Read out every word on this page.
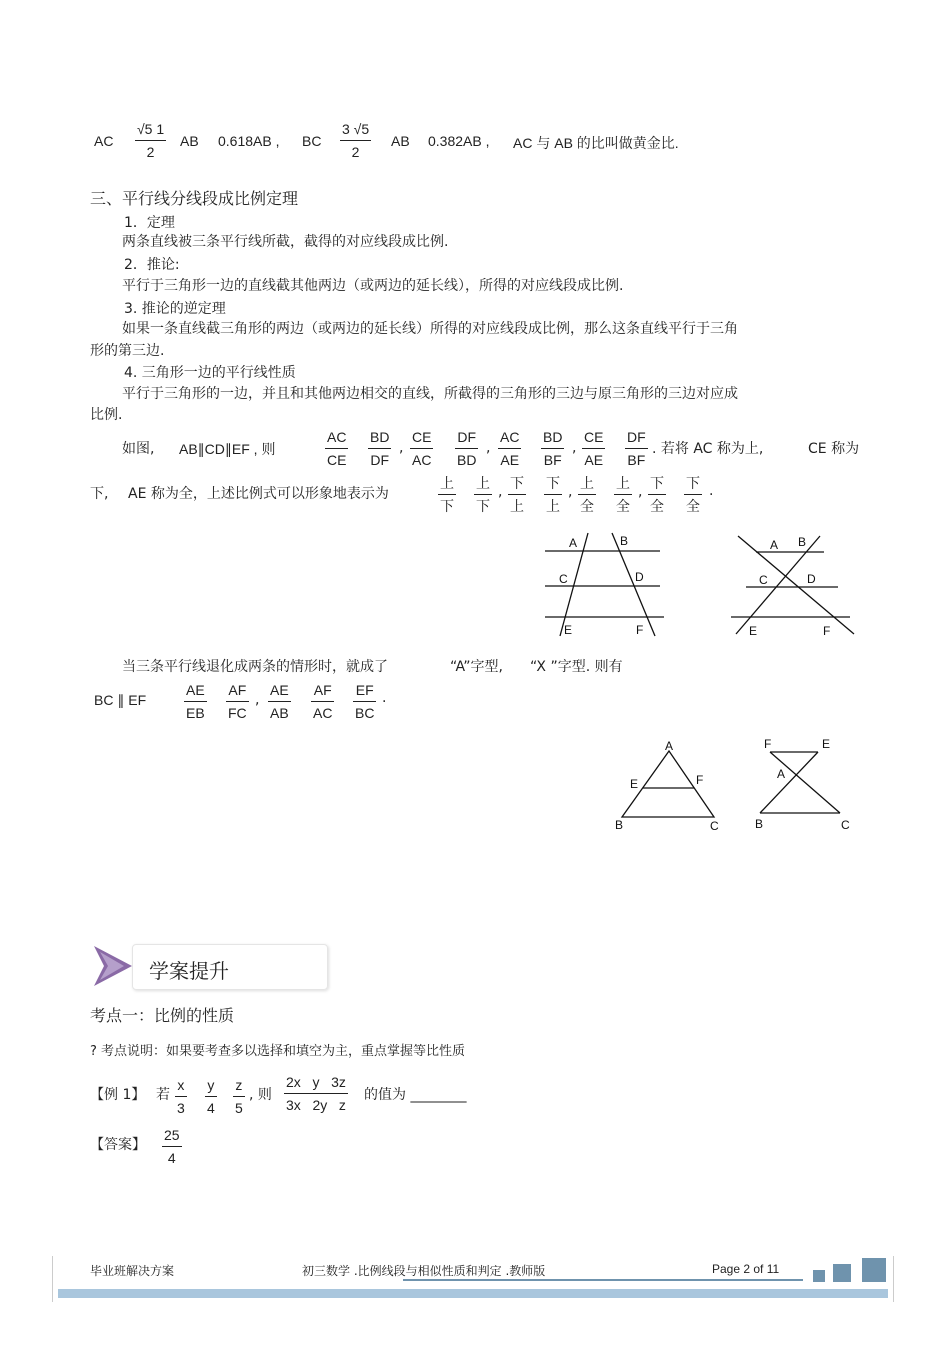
AC
√5 1
2
AB 0.618AB , BC
3 √5
2
AB 0.382AB , AC 与 AB 的比叫做黄金比.
三、平行线分线段成比例定理
1．定理
两条直线被三条平行线所截，截得的对应线段成比例.
2．推论:
平行于三角形一边的直线截其他两边（或两边的延长线），所得的对应线段成比例.
3. 推论的逆定理
如果一条直线截三角形的两边（或两边的延长线）所得的对应线段成比例，那么这条直线平行于三角
形的第三边.
4. 三角形一边的平行线性质
平行于三角形的一边，并且和其他两边相交的直线，所截得的三角形的三边与原三角形的三边对应成
比例.
如图, AB∥CD∥EF , 则
AC
CE
BD
DF
,
CE
AC
DF
BD
,
AC
AE
BD
BF
,
CE
AE
DF
BF
. 若将 AC 称为上,	CE 称为
下, AE 称为全，上述比例式可以形象地表示为
上
下
上
下
,
下
上
下
上
,
上
全
上
全
,
下
全
下
全
.
A	B
C	D
E	F
A B
C	D
E	F
当三条平行线退化成两条的情形时，就成了	“A”字型, “X ”字型. 则有
BC ∥ EF
AE
EB
AF
FC
AE
AB
AF
AC
EF
BC
,	.
A
E	F
B	C
F	E
A
B	C
学案提升
考点一：比例的性质
? 考点说明：如果要考查多以选择和填空为主，重点掌握等比性质
【例 1】 若
x
3
y
4
z
5
, 则
2x   y   3z
3x   2y   z
的值为 ________
【答案】
25
4
毕业班解决方案	初三数学 .比例线段与相似性质和判定 .教师版	Page 2 of 11
